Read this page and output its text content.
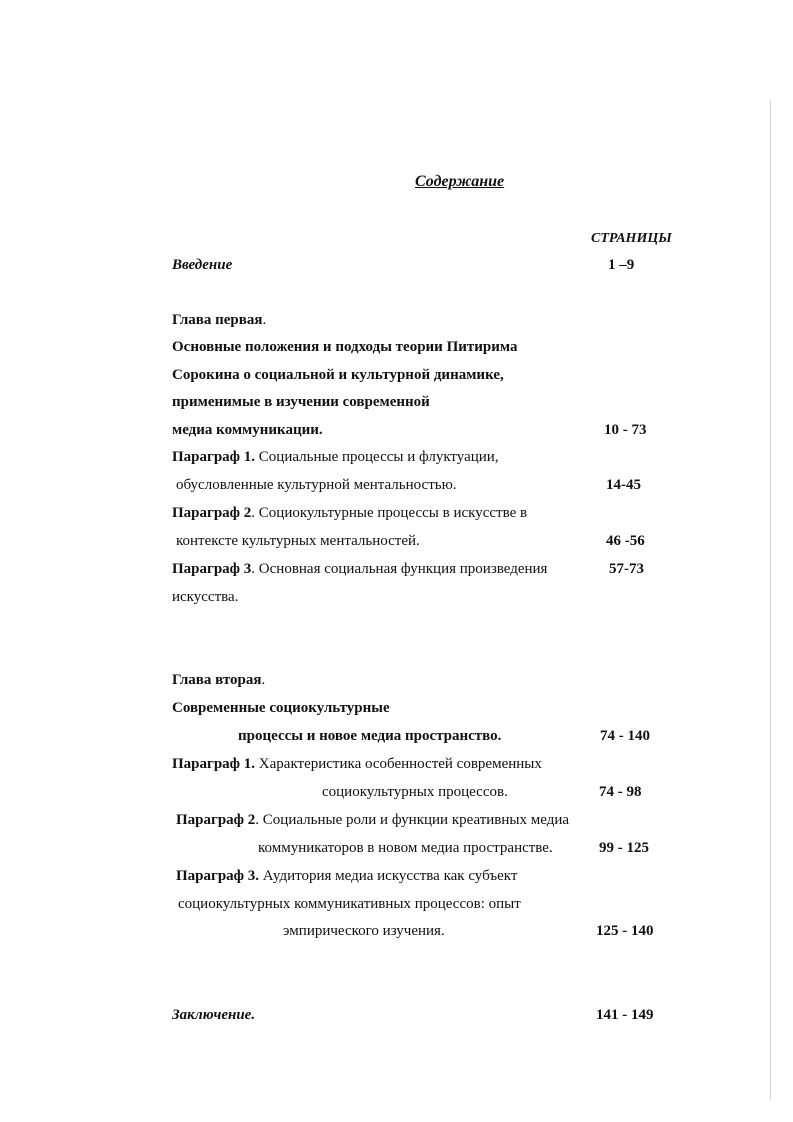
Содержание
СТРАНИЦЫ
Введение	1 –9
Глава первая.
Основные положения и подходы теории Питирима
Сорокина о социальной и культурной динамике,
применимые в изучении современной
медиа коммуникации.	10 - 73
Параграф 1. Социальные процессы и флуктуации,
обусловленные культурной ментальностью.	14-45
Параграф 2. Социокультурные процессы в искусстве в
контексте культурных ментальностей.	46 -56
Параграф 3. Основная социальная функция произведения	57-73
искусства.
Глава вторая.
Современные социокультурные
процессы и новое медиа пространство.	74 - 140
Параграф 1. Характеристика особенностей современных
социокультурных процессов.	74 - 98
Параграф 2. Социальные роли и функции креативных медиа
коммуникаторов в новом медиа пространстве.	99 - 125
Параграф 3. Аудитория медиа искусства как субъект
социокультурных коммуникативных процессов: опыт
эмпирического изучения.	125 - 140
Заключение.	141 - 149
